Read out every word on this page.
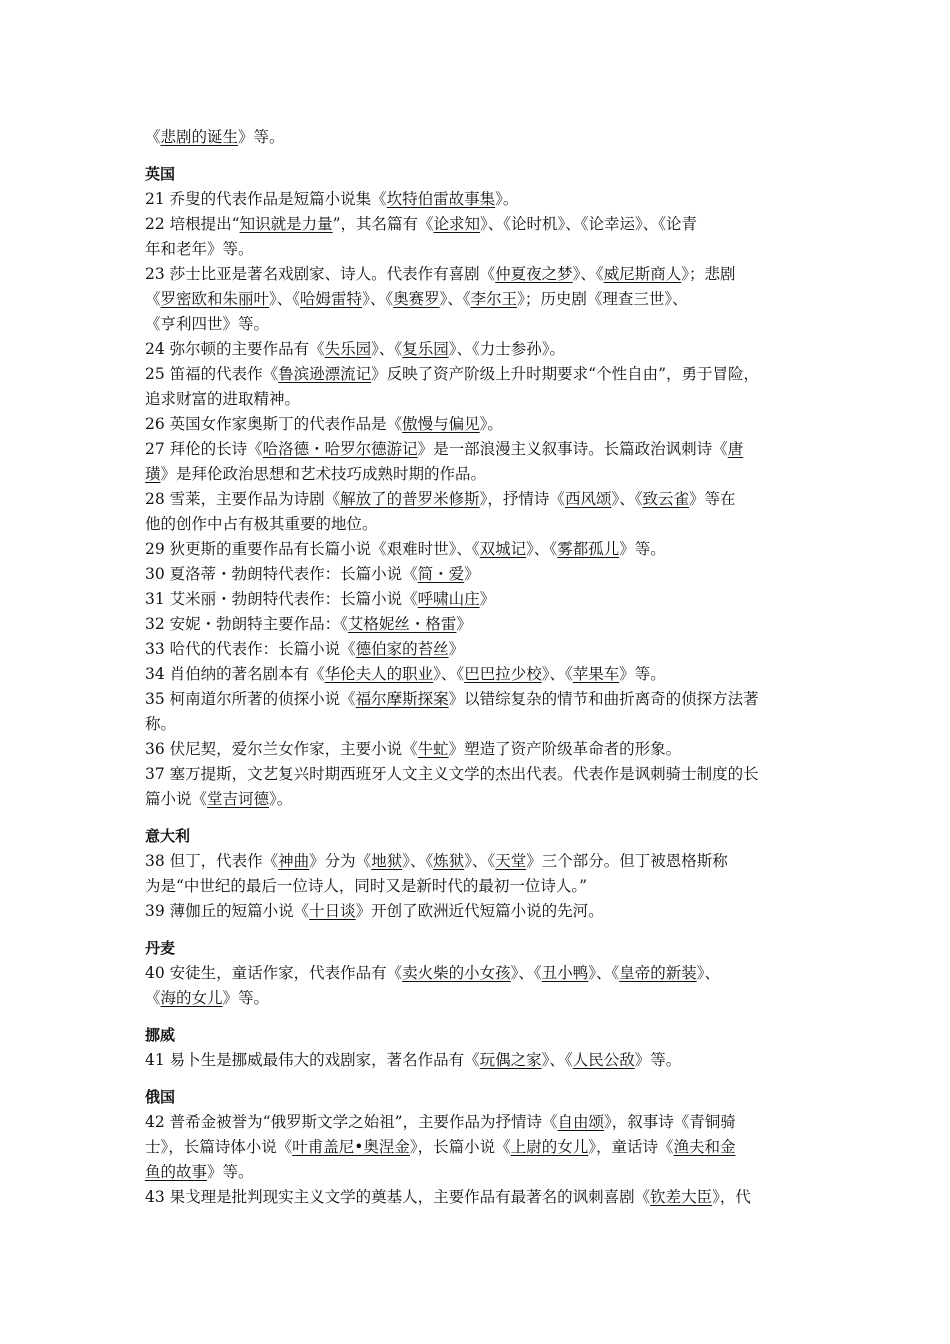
《悲剧的诞生》等。
英国
21 乔叟的代表作品是短篇小说集《坎特伯雷故事集》。
22 培根提出“知识就是力量”，其名篇有《论求知》、《论时机》、《论幸运》、《论青
年和老年》等。
23 莎士比亚是著名戏剧家、诗人。代表作有喜剧《仲夏夜之梦》、《威尼斯商人》；悲剧
《罗密欧和朱丽叶》、《哈姆雷特》、《奥赛罗》、《李尔王》；历史剧《理查三世》、
《亨利四世》等。
24 弥尔顿的主要作品有《失乐园》、《复乐园》、《力士参孙》。
25 笛福的代表作《鲁滨逊漂流记》反映了资产阶级上升时期要求“个性自由”，勇于冒险，
追求财富的进取精神。
26 英国女作家奥斯丁的代表作品是《傲慢与偏见》。
27 拜伦的长诗《哈洛德・哈罗尔德游记》是一部浪漫主义叙事诗。长篇政治讽刺诗《唐
璜》是拜伦政治思想和艺术技巧成熟时期的作品。
28 雪莱，主要作品为诗剧《解放了的普罗米修斯》，抒情诗《西风颂》、《致云雀》等在
他的创作中占有极其重要的地位。
29 狄更斯的重要作品有长篇小说《艰难时世》、《双城记》、《雾都孤儿》等。
30 夏洛蒂・勃朗特代表作：长篇小说《简・爱》
31 艾米丽・勃朗特代表作：长篇小说《呼啸山庄》
32 安妮・勃朗特主要作品：《艾格妮丝・格雷》
33 哈代的代表作：长篇小说《德伯家的苔丝》
34 肖伯纳的著名剧本有《华伦夫人的职业》、《巴巴拉少校》、《苹果车》等。
35 柯南道尔所著的侦探小说《福尔摩斯探案》以错综复杂的情节和曲折离奇的侦探方法著
称。
36 伏尼契，爱尔兰女作家，主要小说《牛虻》塑造了资产阶级革命者的形象。
37 塞万提斯，文艺复兴时期西班牙人文主义文学的杰出代表。代表作是讽刺骑士制度的长
篇小说《堂吉诃德》。
意大利
38 但丁，代表作《神曲》分为《地狱》、《炼狱》、《天堂》三个部分。但丁被恩格斯称
为是“中世纪的最后一位诗人，同时又是新时代的最初一位诗人。”
39 薄伽丘的短篇小说《十日谈》开创了欧洲近代短篇小说的先河。
丹麦
40 安徒生，童话作家，代表作品有《卖火柴的小女孩》、《丑小鸭》、《皇帝的新装》、
《海的女儿》等。
挪威
41 易卜生是挪威最伟大的戏剧家，著名作品有《玩偶之家》、《人民公敌》等。
俄国
42 普希金被誉为“俄罗斯文学之始祖”，主要作品为抒情诗《自由颂》，叙事诗《青铜骑
士》，长篇诗体小说《叶甫盖尼•奥涅金》，长篇小说《上尉的女儿》，童话诗《渔夫和金
鱼的故事》等。
43 果戈理是批判现实主义文学的奠基人，主要作品有最著名的讽刺喜剧《钦差大臣》，代
